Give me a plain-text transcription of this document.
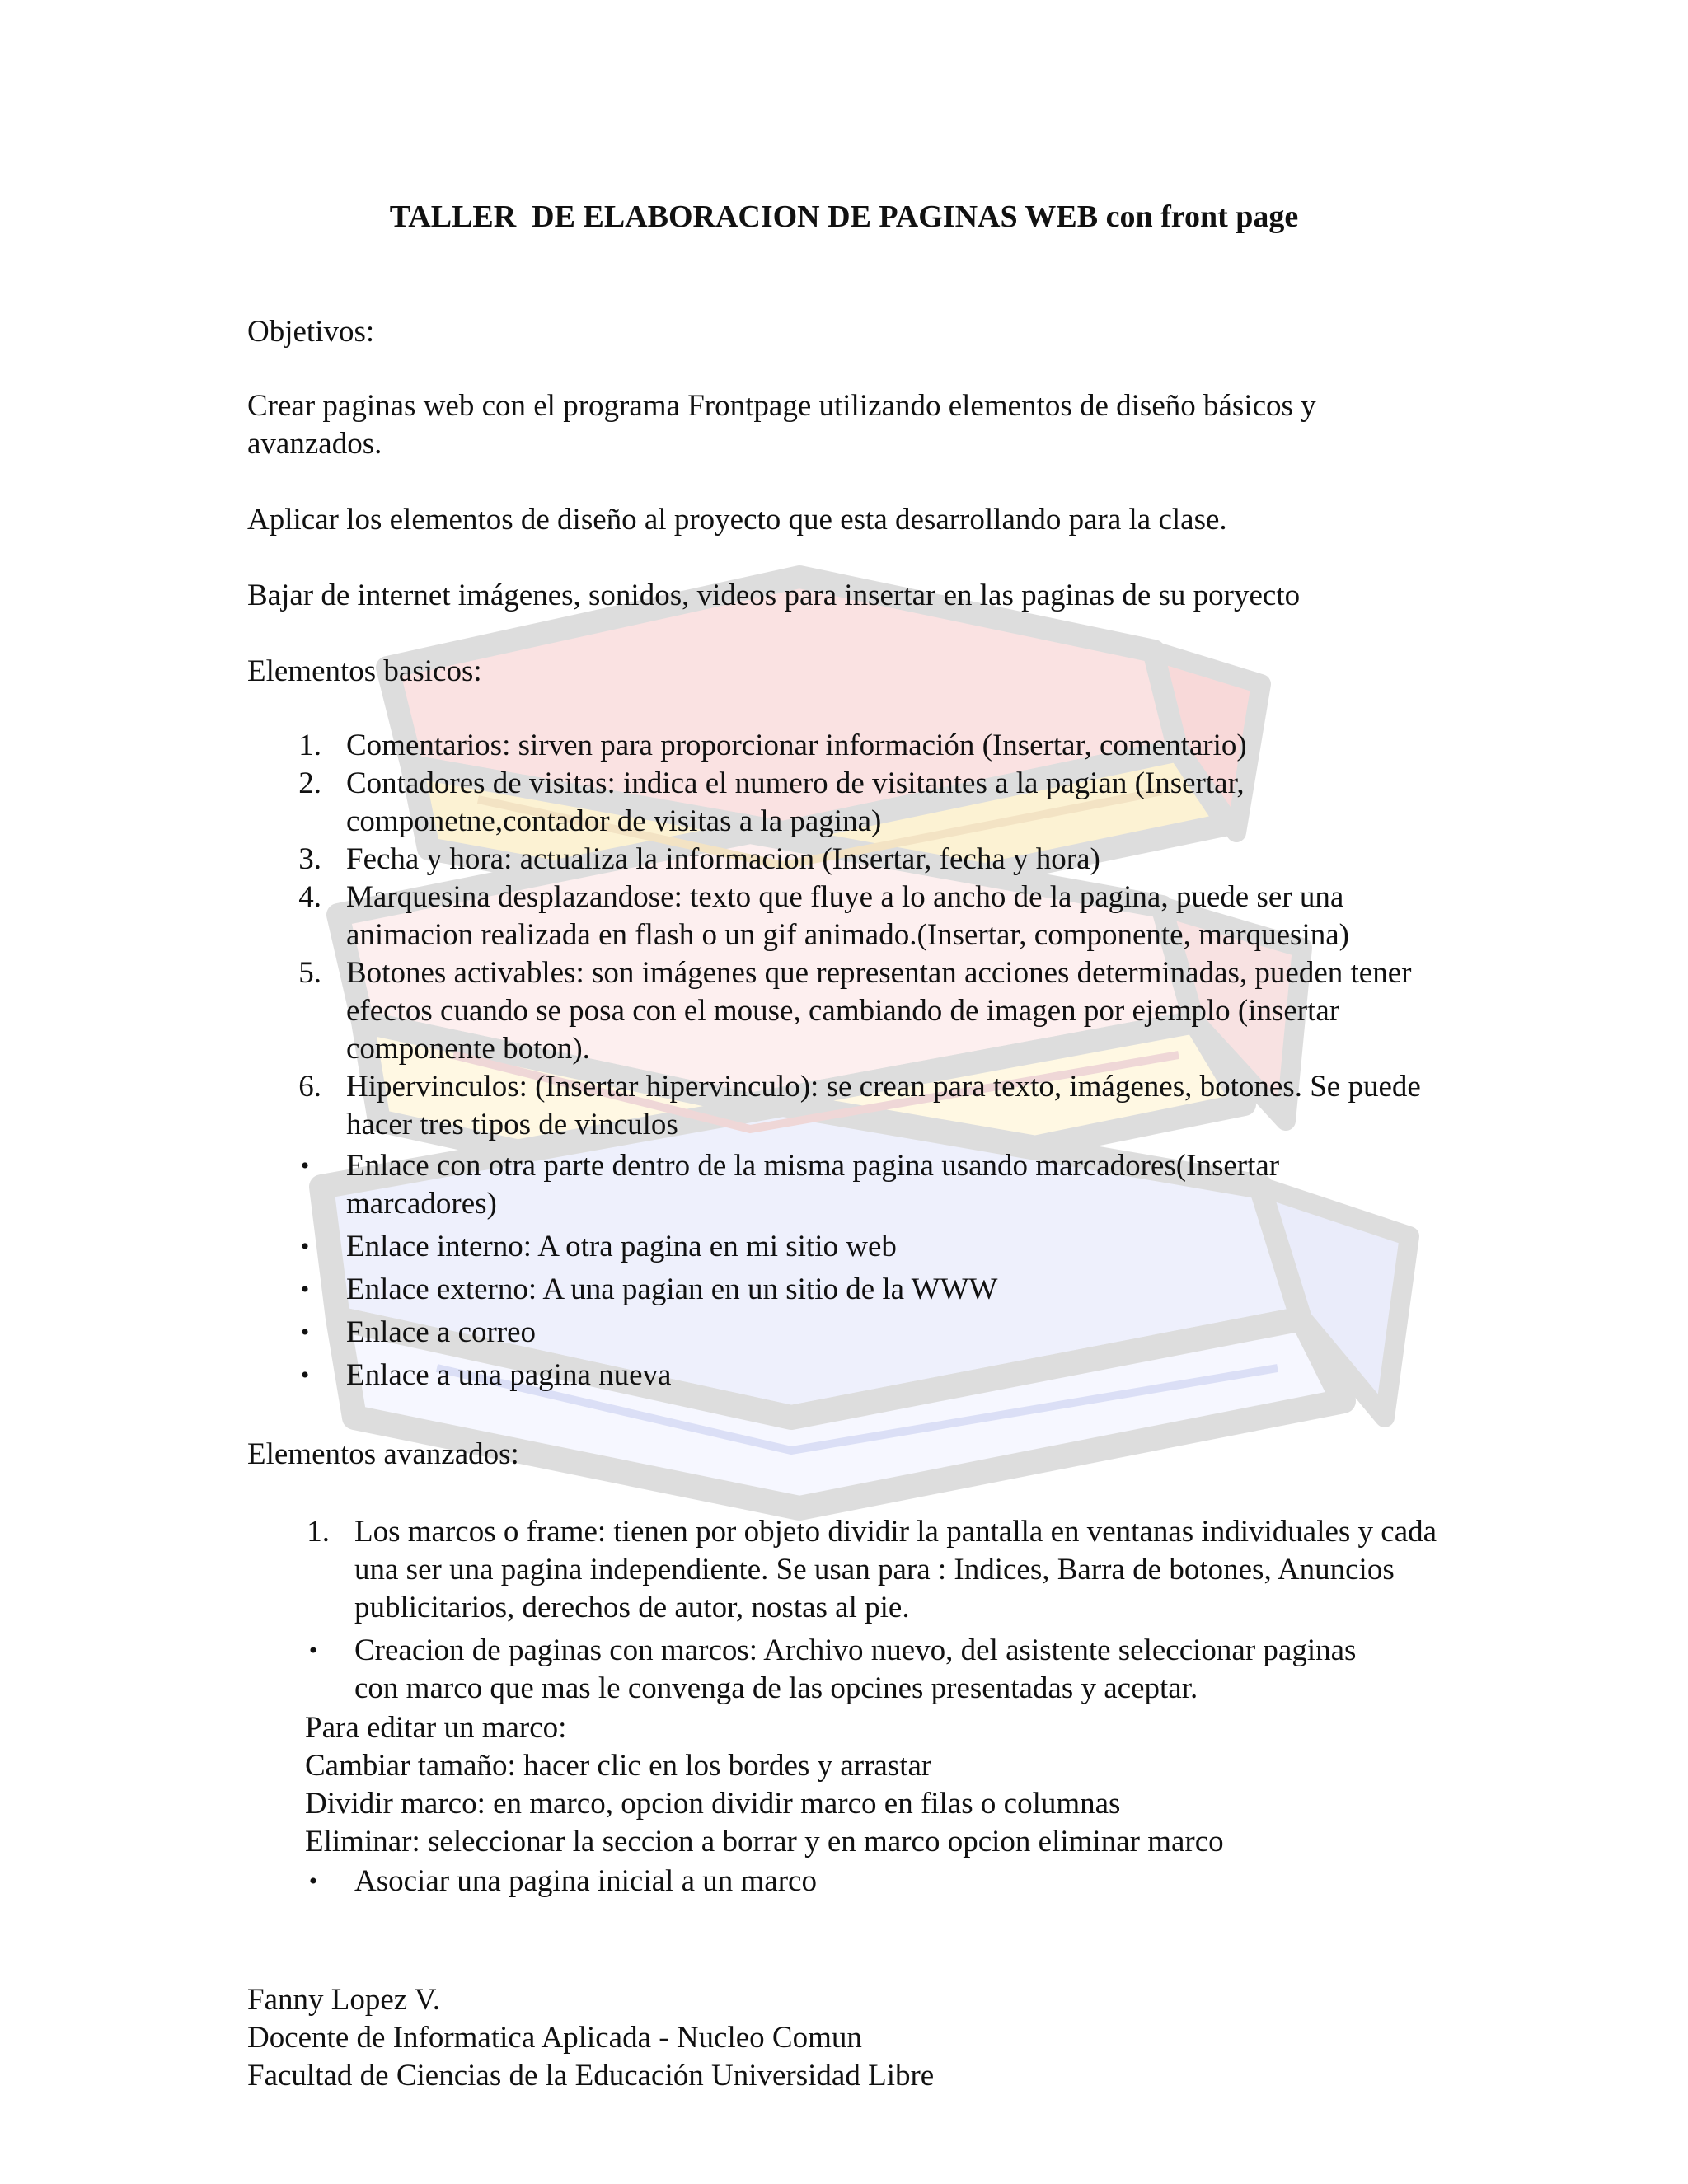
TALLER  DE ELABORACION DE PAGINAS WEB con front page
Objetivos:
Crear paginas web con el programa Frontpage utilizando elementos de diseño básicos y avanzados.
Aplicar los elementos de diseño al proyecto que esta desarrollando para la clase.
Bajar de internet imágenes, sonidos, videos para insertar en las paginas de su poryecto
Elementos basicos:
1. Comentarios: sirven para proporcionar información (Insertar, comentario)
2. Contadores de visitas: indica el numero de visitantes a la pagian (Insertar, componetne,contador de visitas a la pagina)
3. Fecha y hora: actualiza la informacion (Insertar, fecha y hora)
4. Marquesina desplazandose: texto que fluye a lo ancho de la pagina, puede ser una animacion realizada en flash o un gif animado.(Insertar, componente, marquesina)
5. Botones activables: son imágenes que representan acciones determinadas, pueden tener efectos cuando se posa con el mouse, cambiando de imagen por ejemplo (insertar componente boton).
6. Hipervinculos: (Insertar hipervinculo): se crean para texto, imágenes, botones. Se puede hacer tres tipos de vinculos
•	Enlace con otra parte dentro de la misma pagina usando marcadores(Insertar marcadores)
•	Enlace interno: A otra pagina en mi sitio web
•	Enlace externo: A una pagian en un sitio de la WWW
•	Enlace a correo
•	Enlace a una pagina nueva
Elementos avanzados:
1. Los marcos o frame: tienen por objeto dividir la pantalla en ventanas individuales y cada una ser una pagina independiente. Se usan para : Indices, Barra de botones, Anuncios publicitarios, derechos de autor, nostas al pie.
•	Creacion de paginas con marcos: Archivo nuevo, del asistente seleccionar paginas con marco que mas le convenga de las opcines presentadas y aceptar.
Para editar un marco:
Cambiar tamaño: hacer clic en los bordes y arrastar
Dividir marco: en marco, opcion dividir marco en filas o columnas
Eliminar: seleccionar la seccion a borrar y en marco opcion eliminar marco
•	Asociar una pagina inicial a un marco
Fanny Lopez V.
Docente de Informatica Aplicada - Nucleo Comun
Facultad de Ciencias de la Educación Universidad Libre
